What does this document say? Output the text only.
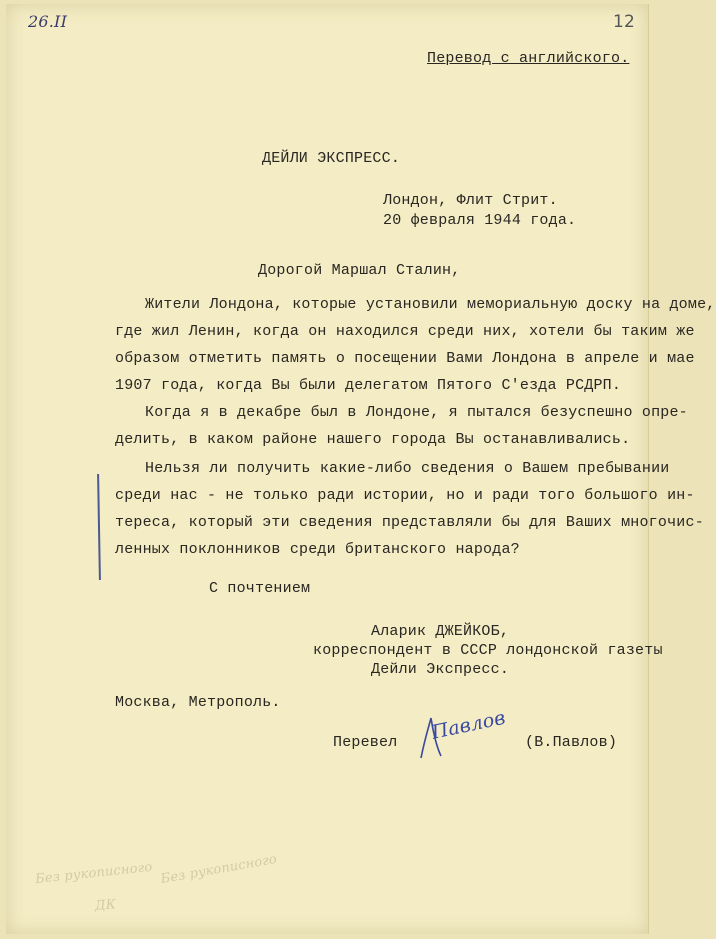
26.II	12
Перевод с английского.
ДЕЙЛИ ЭКСПРЕСС.
Лондон, Флит Стрит.
20 февраля 1944 года.
Дорогой Маршал Сталин,
Жители Лондона, которые установили мемориальную доску на доме,
где жил Ленин, когда он находился среди них, хотели бы таким же
образом отметить память о посещении Вами Лондона в апреле и мае
1907 года, когда Вы были делегатом Пятого С'езда РСДРП.
Когда я в декабре был в Лондоне, я пытался безуспешно опре-
делить, в каком районе нашего города Вы останавливались.
Нельзя ли получить какие-либо сведения о Вашем пребывании
среди нас - не только ради истории, но и ради того большого ин-
тереса, который эти сведения представляли бы для Ваших многочис-
ленных поклонников среди британского народа?
С почтением
Аларик ДЖЕЙКОБ,
корреспондент в СССР лондонской газеты
Дейли Экспресс.
Москва, Метрополь.
Перевел Павлов (В.Павлов)
Без рукописного
ДК
Без рукописного
